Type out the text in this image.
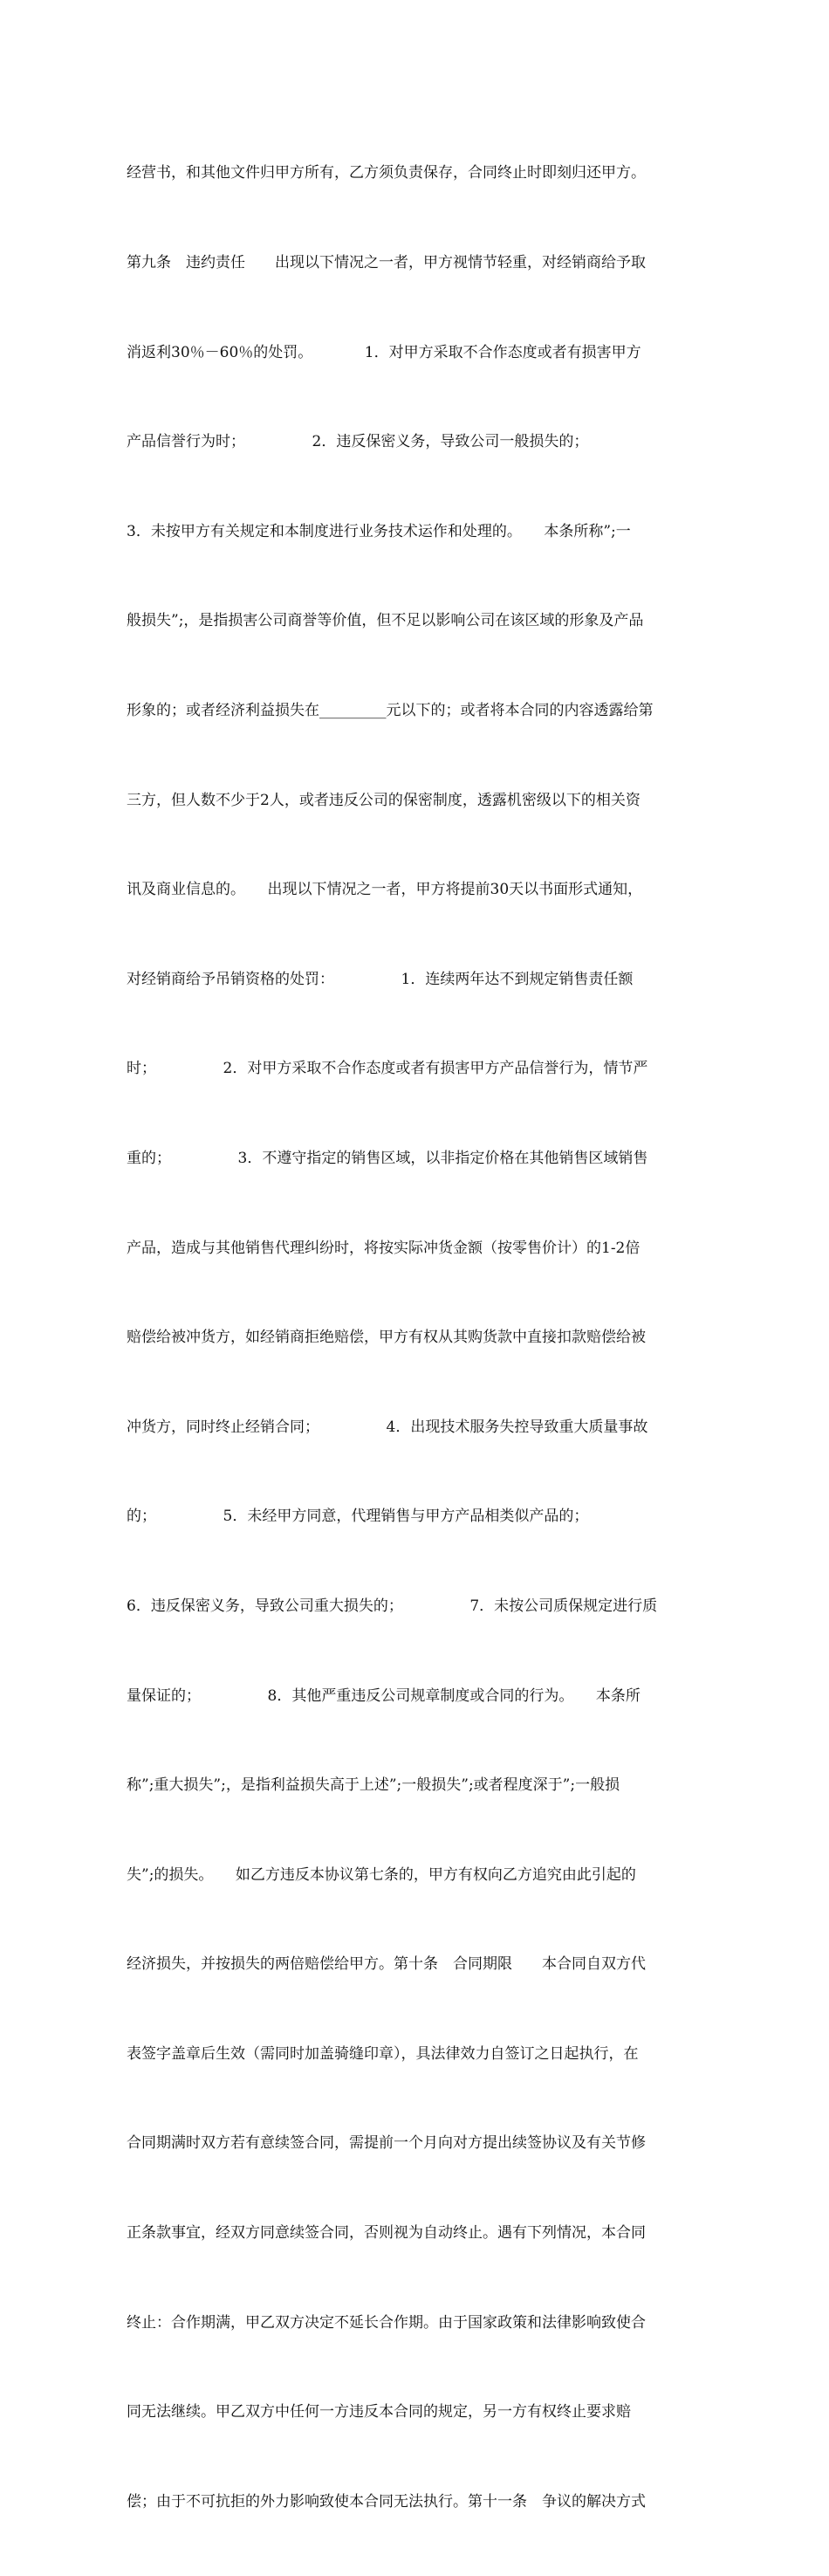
经营书，和其他文件归甲方所有，乙方须负责保存，合同终止时即刻归还甲方。

第九条　违约责任　　出现以下情况之一者，甲方视情节轻重，对经销商给予取

消返利30％－60％的处罚。　　　　1．对甲方采取不合作态度或者有损害甲方

产品信誉行为时；　　　　　2．违反保密义务，导致公司一般损失的；

3．未按甲方有关规定和本制度进行业务技术运作和处理的。　　本条所称”;一

般损失”;，是指损害公司商誉等价值，但不足以影响公司在该区域的形象及产品

形象的；或者经济利益损失在_________元以下的；或者将本合同的内容透露给第

三方，但人数不少于2人，或者违反公司的保密制度，透露机密级以下的相关资

讯及商业信息的。　　出现以下情况之一者，甲方将提前30天以书面形式通知，

对经销商给予吊销资格的处罚：　　　　　1．连续两年达不到规定销售责任额

时；　　　　　2．对甲方采取不合作态度或者有损害甲方产品信誉行为，情节严

重的；　　　　　3．不遵守指定的销售区域，以非指定价格在其他销售区域销售

产品，造成与其他销售代理纠纷时，将按实际冲货金额（按零售价计）的1-2倍

赔偿给被冲货方，如经销商拒绝赔偿，甲方有权从其购货款中直接扣款赔偿给被

冲货方，同时终止经销合同；　　　　　4．出现技术服务失控导致重大质量事故

的；　　　　　5．未经甲方同意，代理销售与甲方产品相类似产品的；

6．违反保密义务，导致公司重大损失的；　　　　　7．未按公司质保规定进行质

量保证的；　　　　　8．其他严重违反公司规章制度或合同的行为。　　本条所

称”;重大损失”;，是指利益损失高于上述”;一般损失”;或者程度深于”;一般损

失”;的损失。　　如乙方违反本协议第七条的，甲方有权向乙方追究由此引起的

经济损失，并按损失的两倍赔偿给甲方。第十条　合同期限　　本合同自双方代

表签字盖章后生效（需同时加盖骑缝印章），具法律效力自签订之日起执行，在

合同期满时双方若有意续签合同，需提前一个月向对方提出续签协议及有关节修

正条款事宜，经双方同意续签合同，否则视为自动终止。遇有下列情况，本合同

终止：合作期满，甲乙双方决定不延长合作期。由于国家政策和法律影响致使合

同无法继续。甲乙双方中任何一方违反本合同的规定，另一方有权终止要求赔

偿；由于不可抗拒的外力影响致使本合同无法执行。第十一条　争议的解决方式
